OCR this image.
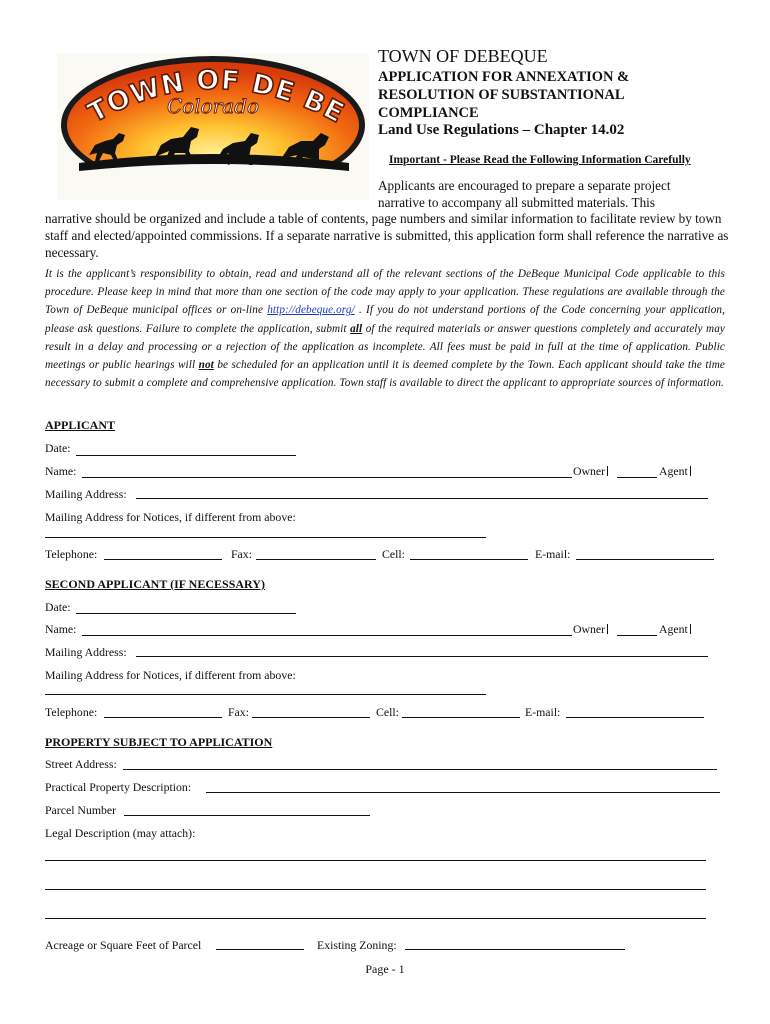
TOWN OF DE BE
Colorado
TOWN OF DEBEQUE
APPLICATION FOR ANNEXATION & RESOLUTION OF SUBSTANTIONAL COMPLIANCE
Land Use Regulations – Chapter 14.02
Important - Please Read the Following Information Carefully
Applicants are encouraged to prepare a separate project narrative to accompany all submitted materials. This
narrative should be organized and include a table of contents, page numbers and similar information to facilitate review by town staff and elected/appointed commissions. If a separate narrative is submitted, this application form shall reference the narrative as necessary.
It is the applicant’s responsibility to obtain, read and understand all of the relevant sections of the DeBeque Municipal Code applicable to this procedure. Please keep in mind that more than one section of the code may apply to your application. These regulations are available through the Town of DeBeque municipal offices or on-line http://debeque.org/ . If you do not understand portions of the Code concerning your application, please ask questions. Failure to complete the application, submit all of the required materials or answer questions completely and accurately may result in a delay and processing or a rejection of the application as incomplete. All fees must be paid in full at the time of application. Public meetings or public hearings will not be scheduled for an application until it is deemed complete by the Town. Each applicant should take the time necessary to submit a complete and comprehensive application. Town staff is available to direct the applicant to appropriate sources of information.
APPLICANT
Date:
Name:	Owner	Agent
Mailing Address:
Mailing Address for Notices, if different from above:
Telephone:	Fax:	Cell:	E-mail:
SECOND APPLICANT (IF NECESSARY)
Date:
Name:	Owner	Agent
Mailing Address:
Mailing Address for Notices, if different from above:
Telephone:	Fax:	Cell:	E-mail:
PROPERTY SUBJECT TO APPLICATION
Street Address:
Practical Property Description:
Parcel Number
Legal Description (may attach):
Acreage or Square Feet of Parcel	Existing Zoning:
Page - 1
